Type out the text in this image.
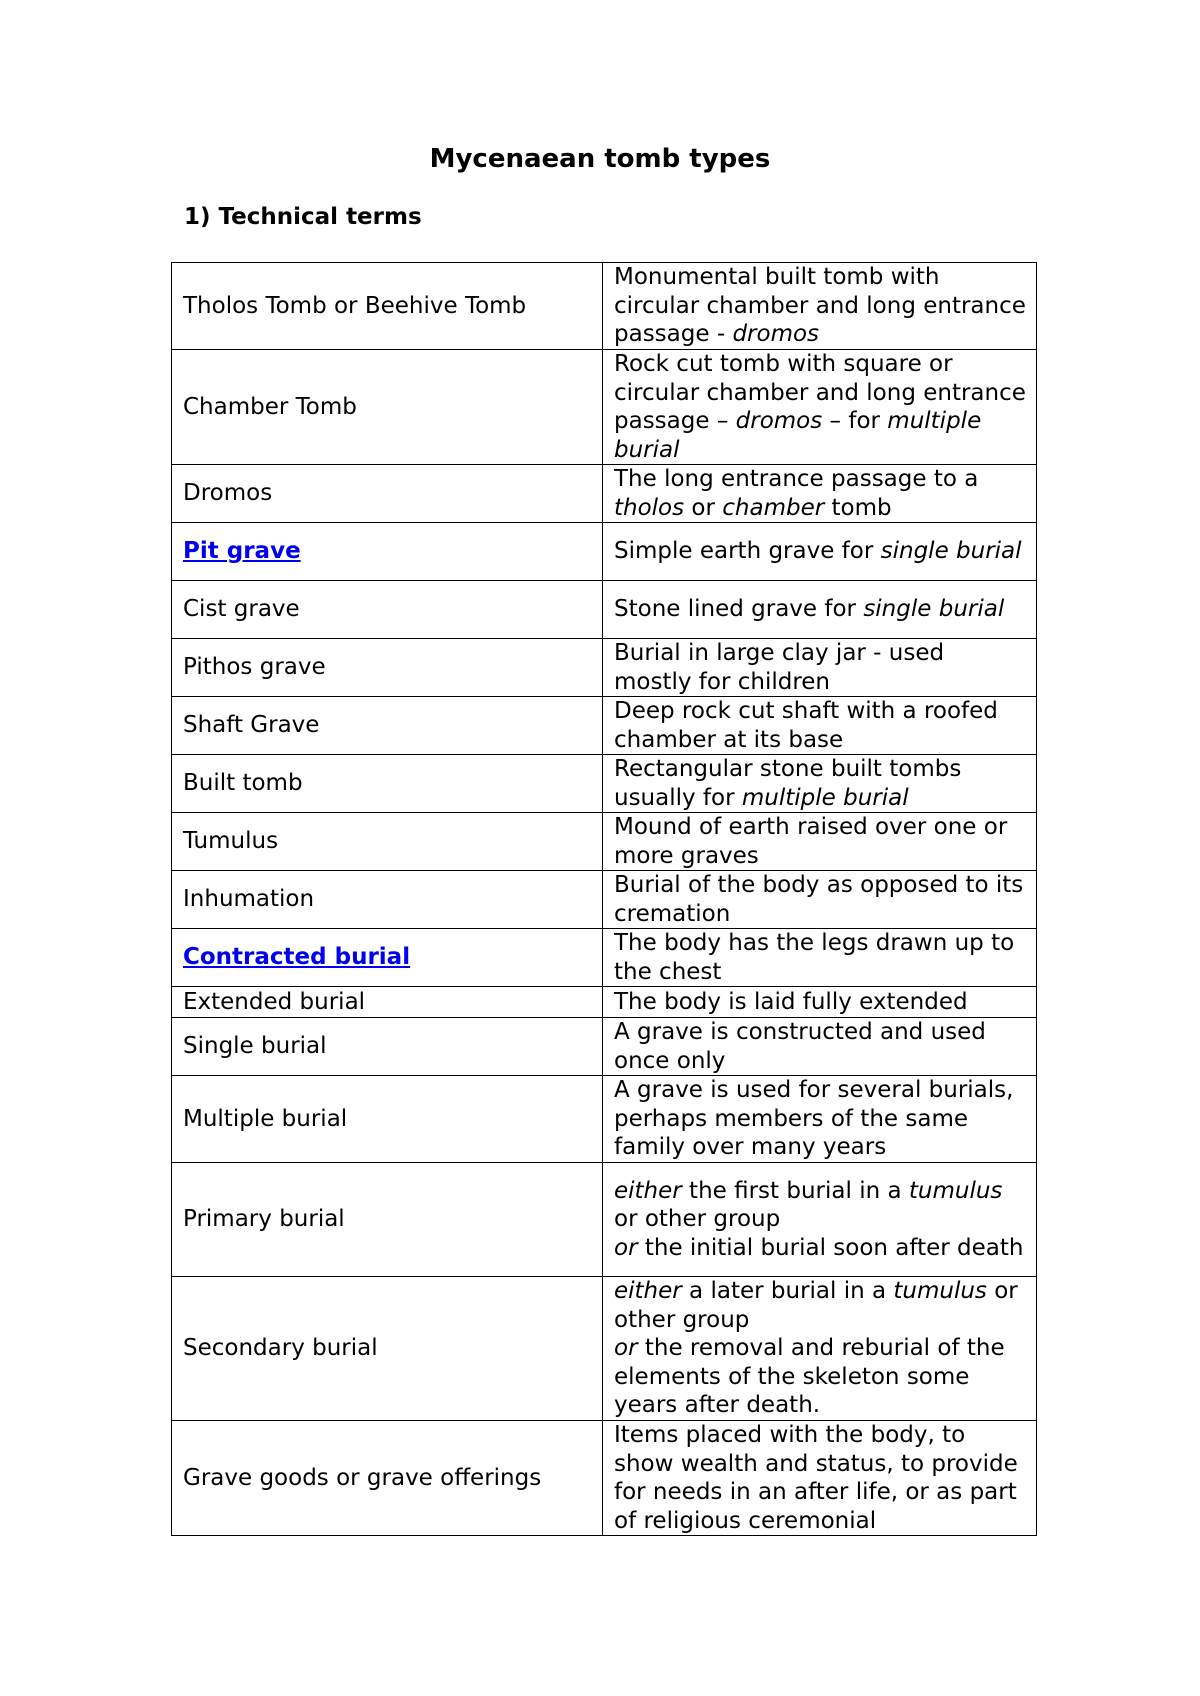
Mycenaean tomb types
1) Technical terms
Tholos Tomb or Beehive Tomb	Monumental built tomb with circular chamber and long entrance passage - dromos
Chamber Tomb	Rock cut tomb with square or circular chamber and long entrance passage – dromos – for multiple burial
Dromos	The long entrance passage to a tholos or chamber tomb
Pit grave	Simple earth grave for single burial
Cist grave	Stone lined grave for single burial
Pithos grave	Burial in large clay jar - used mostly for children
Shaft Grave	Deep rock cut shaft with a roofed chamber at its base
Built tomb	Rectangular stone built tombs usually for multiple burial
Tumulus	Mound of earth raised over one or more graves
Inhumation	Burial of the body as opposed to its cremation
Contracted burial	The body has the legs drawn up to the chest
Extended burial	The body is laid fully extended
Single burial	A grave is constructed and used once only
Multiple burial	A grave is used for several burials, perhaps members of the same family over many years
Primary burial	either the first burial in a tumulus or other group
or the initial burial soon after death
Secondary burial	either a later burial in a tumulus or other group
or the removal and reburial of the elements of the skeleton some years after death.
Grave goods or grave offerings	Items placed with the body, to show wealth and status, to provide for needs in an after life, or as part of religious ceremonial
